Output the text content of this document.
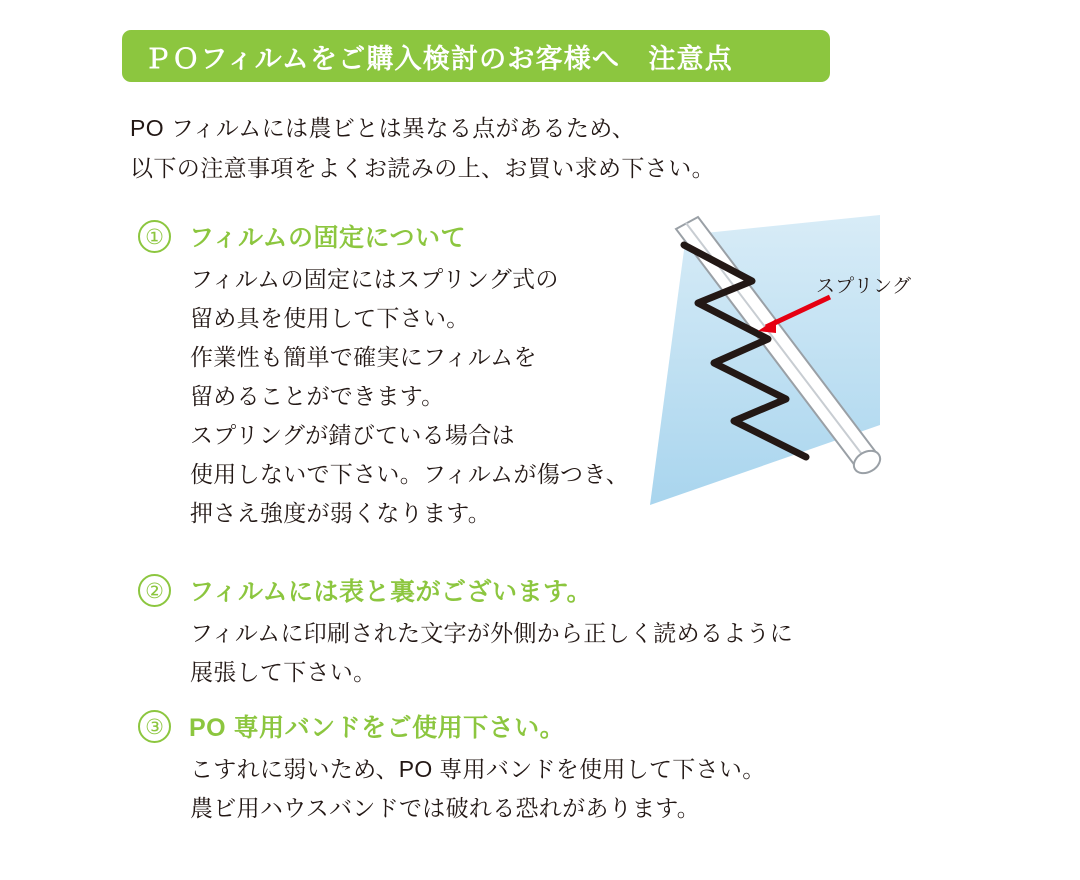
ＰＯフィルムをご購入検討のお客様へ　注意点
PO フィルムには農ビとは異なる点があるため、
以下の注意事項をよくお読みの上、お買い求め下さい。
① フィルムの固定について
フィルムの固定にはスプリング式の
留め具を使用して下さい。
作業性も簡単で確実にフィルムを
留めることができます。
スプリングが錆びている場合は
使用しないで下さい。フィルムが傷つき、
押さえ強度が弱くなります。
スプリング
② フィルムには表と裏がございます。
フィルムに印刷された文字が外側から正しく読めるように
展張して下さい。
③ PO 専用バンドをご使用下さい。
こすれに弱いため、PO 専用バンドを使用して下さい。
農ビ用ハウスバンドでは破れる恐れがあります。
